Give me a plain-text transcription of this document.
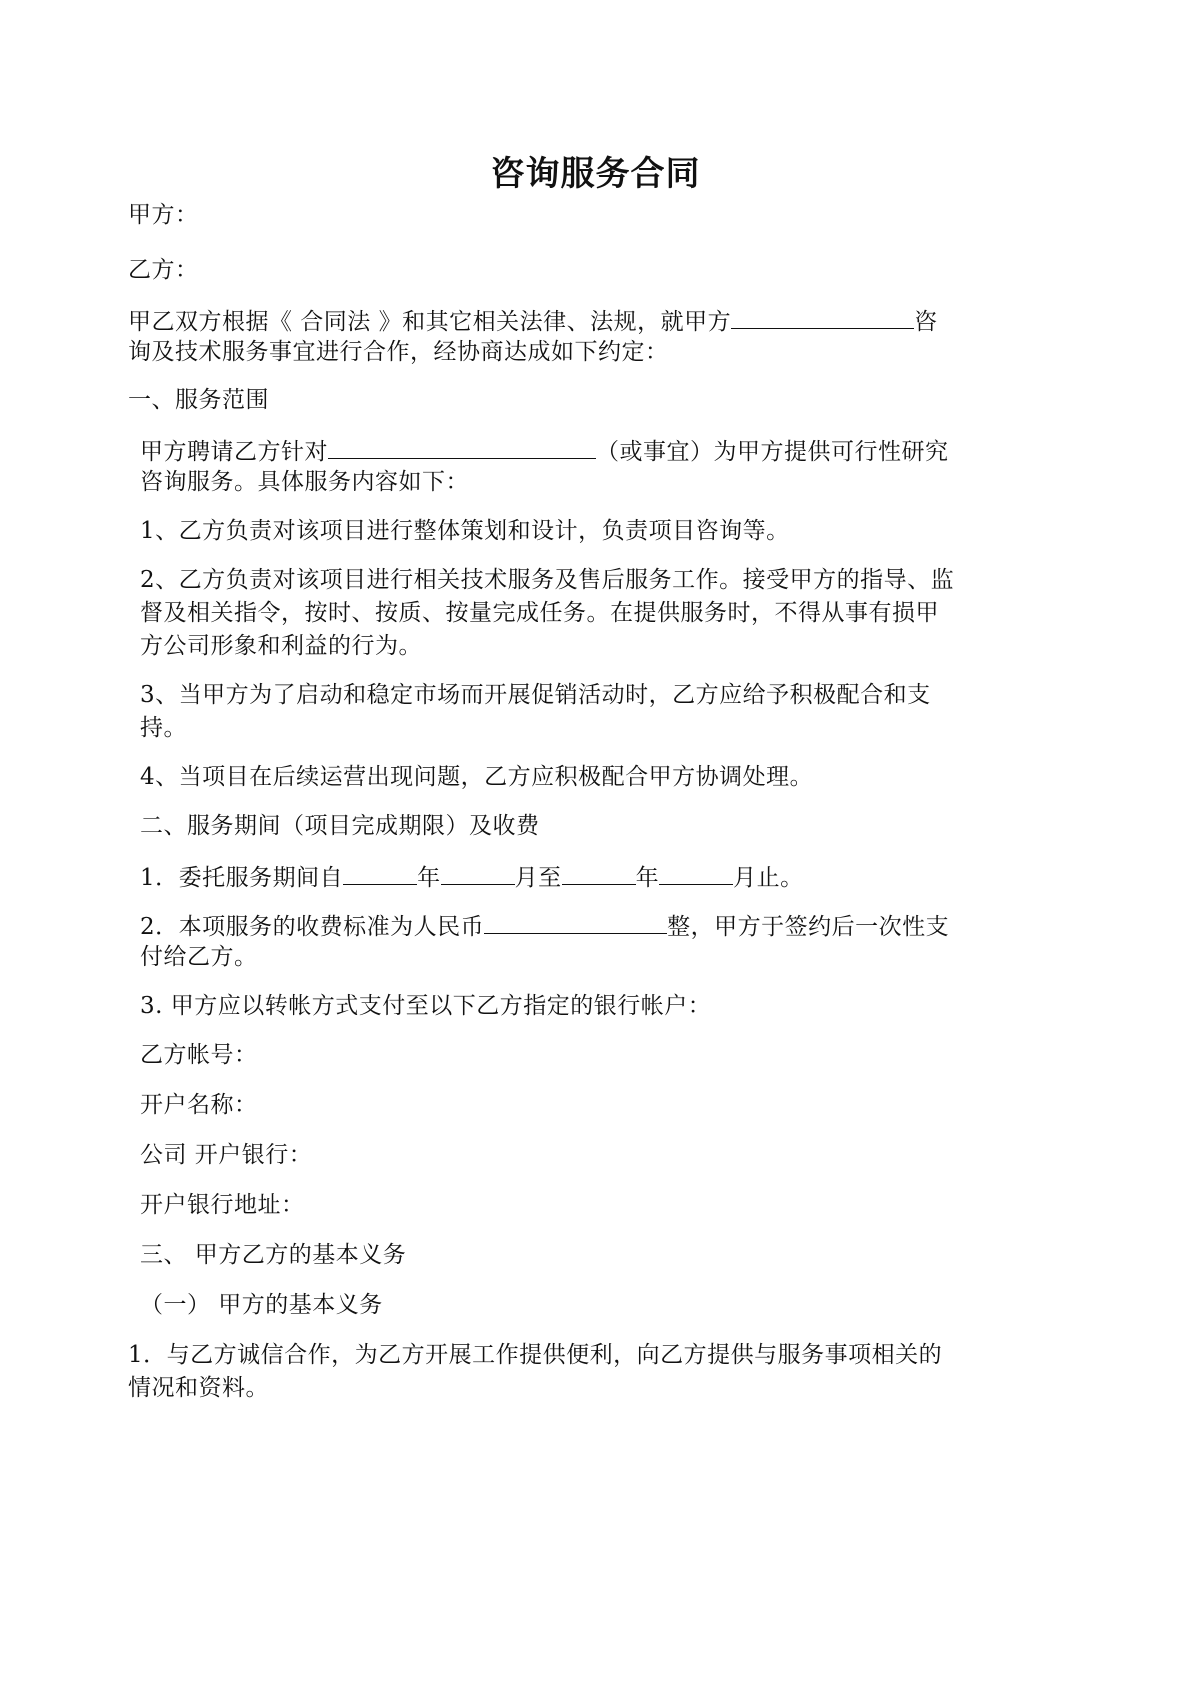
咨询服务合同
甲方：
乙方：
甲乙双方根据《 合同法 》和其它相关法律、法规，就甲方	咨
询及技术服务事宜进行合作，经协商达成如下约定：
一、服务范围
甲方聘请乙方针对	（或事宜）为甲方提供可行性研究
咨询服务。具体服务内容如下：
1、乙方负责对该项目进行整体策划和设计，负责项目咨询等。
2、乙方负责对该项目进行相关技术服务及售后服务工作。接受甲方的指导、监
督及相关指令，按时、按质、按量完成任务。在提供服务时，不得从事有损甲
方公司形象和利益的行为。
3、当甲方为了启动和稳定市场而开展促销活动时，乙方应给予积极配合和支
持。
4、当项目在后续运营出现问题，乙方应积极配合甲方协调处理。
二、服务期间（项目完成期限）及收费
1．委托服务期间自	年	月至	年	月止。
2．本项服务的收费标准为人民币	整，甲方于签约后一次性支
付给乙方。
3. 甲方应以转帐方式支付至以下乙方指定的银行帐户：
乙方帐号：
开户名称：
公司 开户银行：
开户银行地址：
三、 甲方乙方的基本义务
（一） 甲方的基本义务
1．与乙方诚信合作，为乙方开展工作提供便利，向乙方提供与服务事项相关的
情况和资料。
